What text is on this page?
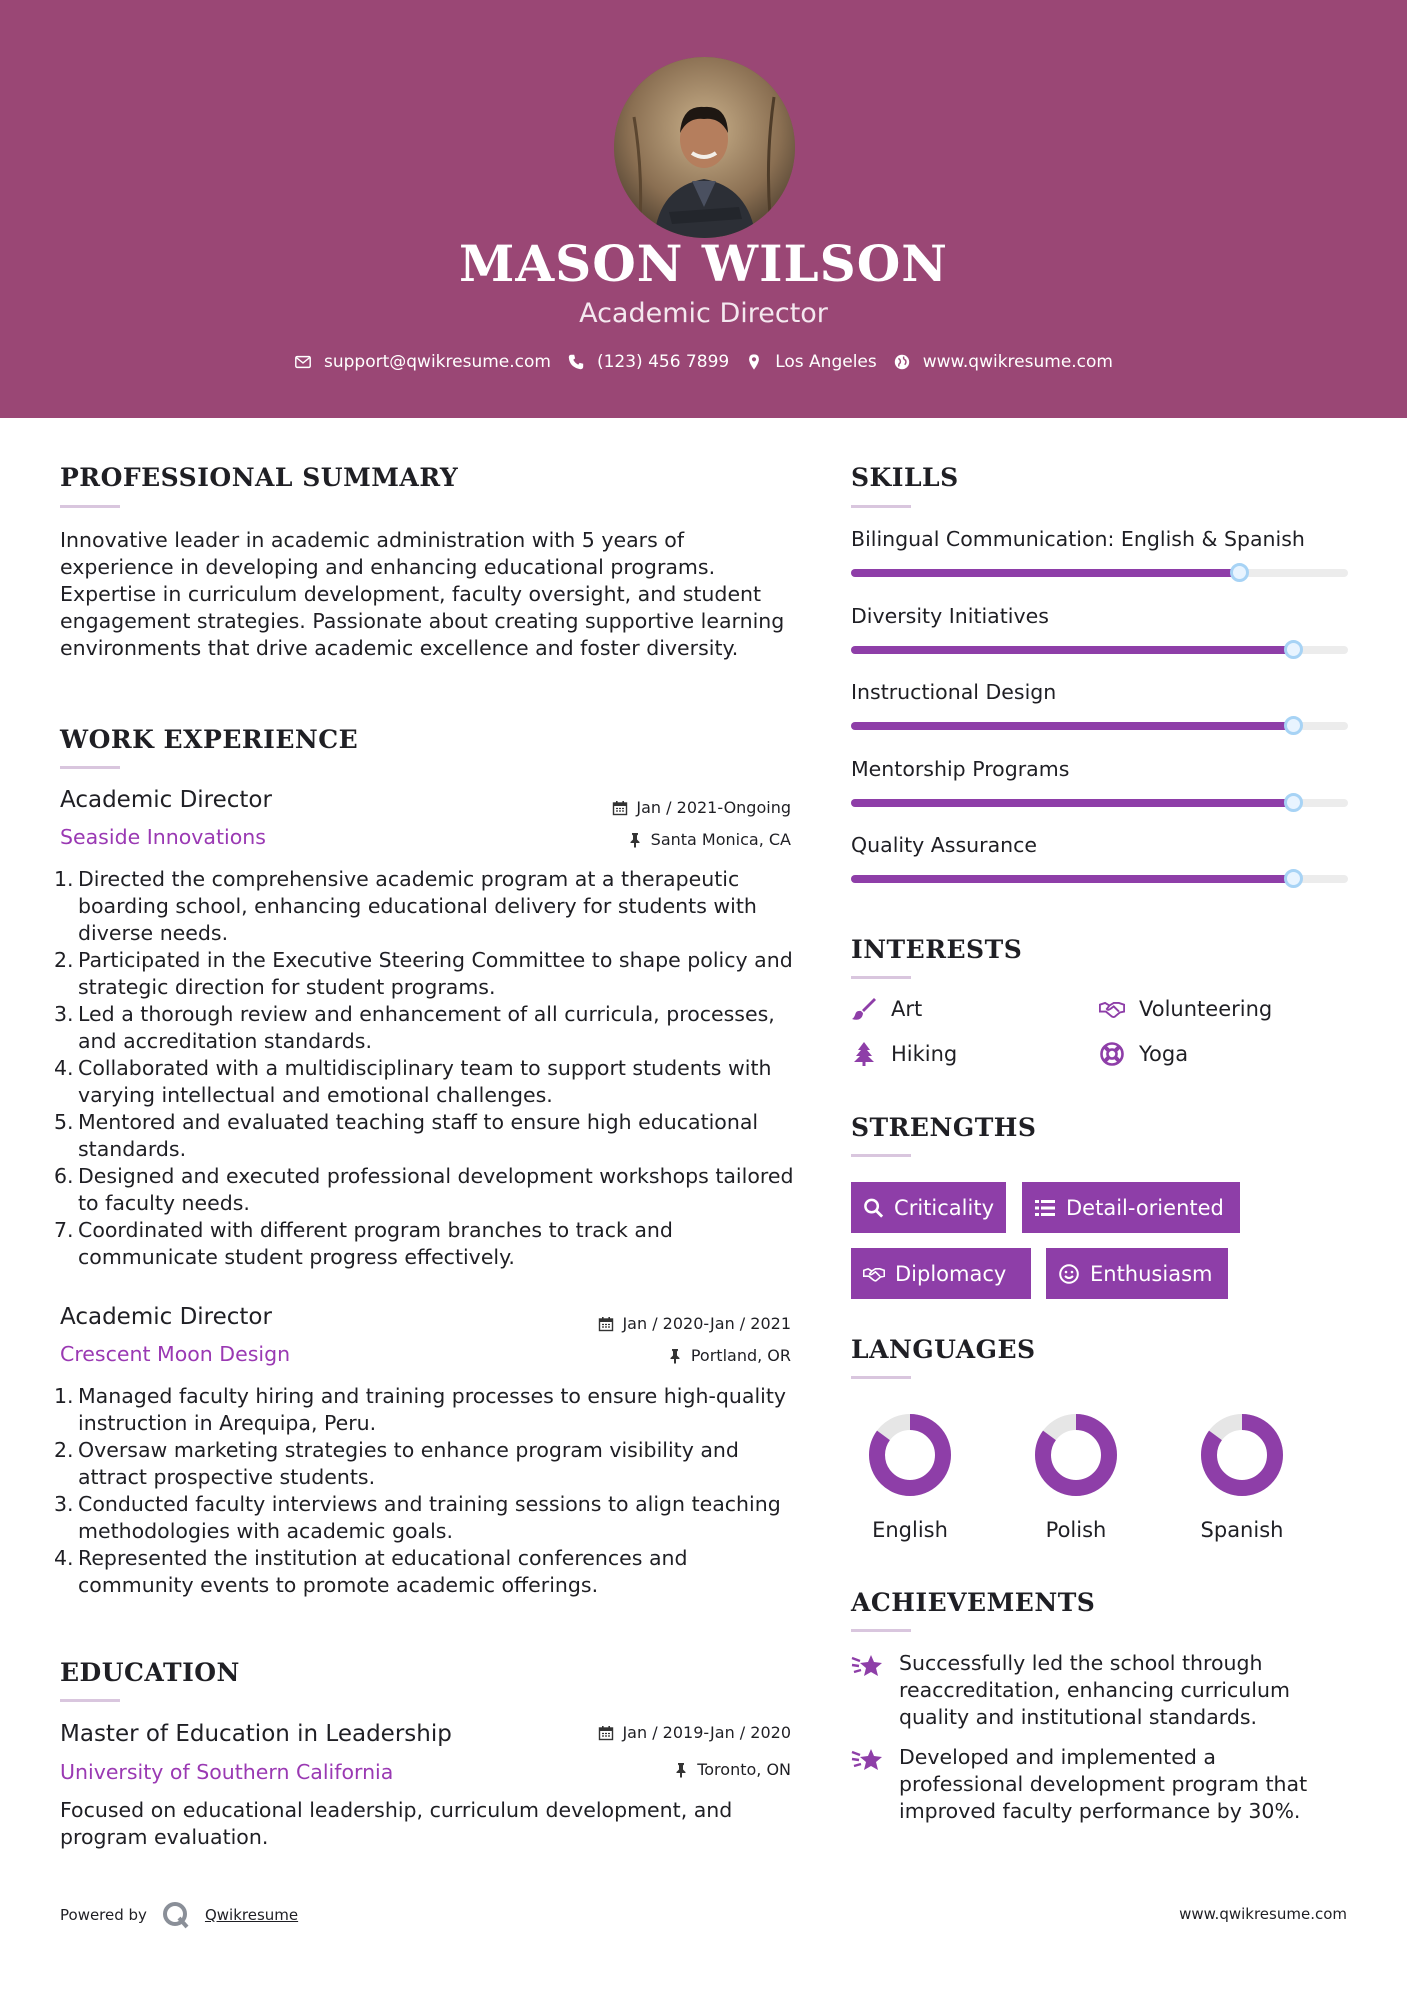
MASON WILSON
Academic Director
support@qwikresume.com	(123) 456 7899	Los Angeles	www.qwikresume.com
PROFESSIONAL SUMMARY
Innovative leader in academic administration with 5 years of experience in developing and enhancing educational programs. Expertise in curriculum development, faculty oversight, and student engagement strategies. Passionate about creating supportive learning environments that drive academic excellence and foster diversity.
WORK EXPERIENCE
Academic Director	Jan / 2021-Ongoing
Seaside Innovations	Santa Monica, CA
1. Directed the comprehensive academic program at a therapeutic boarding school, enhancing educational delivery for students with diverse needs.
2. Participated in the Executive Steering Committee to shape policy and strategic direction for student programs.
3. Led a thorough review and enhancement of all curricula, processes, and accreditation standards.
4. Collaborated with a multidisciplinary team to support students with varying intellectual and emotional challenges.
5. Mentored and evaluated teaching staff to ensure high educational standards.
6. Designed and executed professional development workshops tailored to faculty needs.
7. Coordinated with different program branches to track and communicate student progress effectively.
Academic Director	Jan / 2020-Jan / 2021
Crescent Moon Design	Portland, OR
1. Managed faculty hiring and training processes to ensure high-quality instruction in Arequipa, Peru.
2. Oversaw marketing strategies to enhance program visibility and attract prospective students.
3. Conducted faculty interviews and training sessions to align teaching methodologies with academic goals.
4. Represented the institution at educational conferences and community events to promote academic offerings.
EDUCATION
Master of Education in Leadership	Jan / 2019-Jan / 2020
University of Southern California	Toronto, ON
Focused on educational leadership, curriculum development, and program evaluation.
SKILLS
Bilingual Communication: English & Spanish
Diversity Initiatives
Instructional Design
Mentorship Programs
Quality Assurance
INTERESTS
Art	Volunteering
Hiking	Yoga
STRENGTHS
Criticality	Detail-oriented
Diplomacy	Enthusiasm
LANGUAGES
English	Polish	Spanish
ACHIEVEMENTS
Successfully led the school through reaccreditation, enhancing curriculum quality and institutional standards.
Developed and implemented a professional development program that improved faculty performance by 30%.
Powered by	Qwikresume	www.qwikresume.com
